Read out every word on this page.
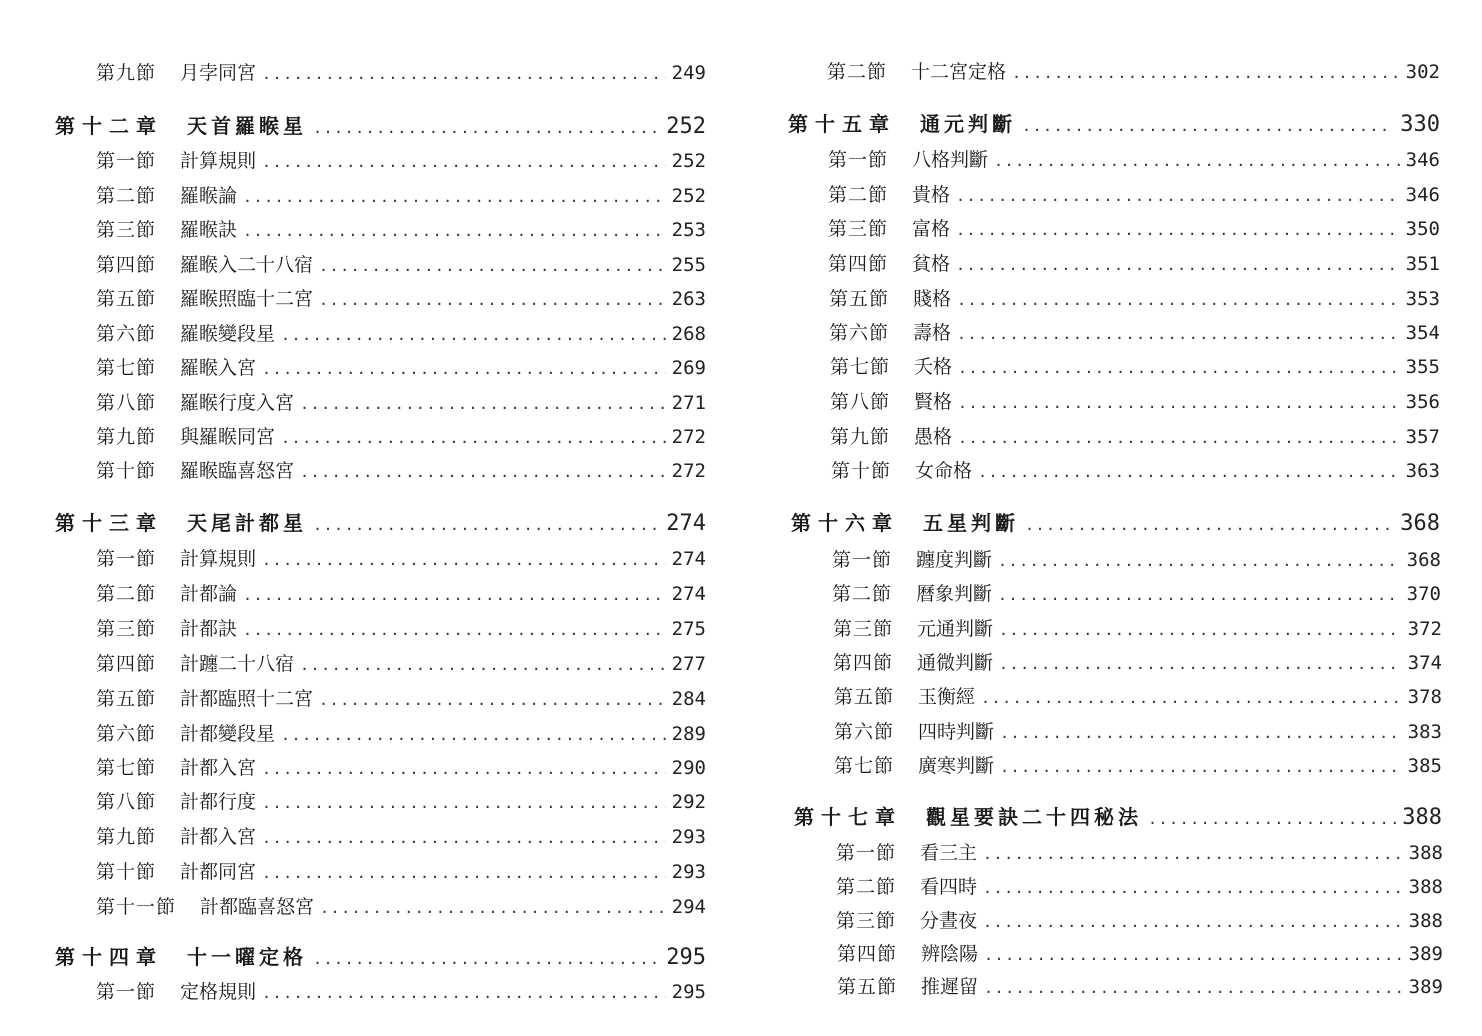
第九節 月孛同宮 .....	249
第十二章 天首羅睺星 .....	252
第一節 計算規則 .....	252
第二節 羅睺論 .....	252
第三節 羅睺訣 .....	253
第四節 羅睺入二十八宿 .....	255
第五節 羅睺照臨十二宮 .....	263
第六節 羅睺變段星 .....	268
第七節 羅睺入宮 .....	269
第八節 羅睺行度入宮 .....	271
第九節 與羅睺同宮 .....	272
第十節 羅睺臨喜怒宮 .....	272
第十三章 天尾計都星 .....	274
第一節 計算規則 .....	274
第二節 計都論 .....	274
第三節 計都訣 .....	275
第四節 計躔二十八宿 .....	277
第五節 計都臨照十二宮 .....	284
第六節 計都變段星 .....	289
第七節 計都入宮 .....	290
第八節 計都行度 .....	292
第九節 計都入宮 .....	293
第十節 計都同宮 .....	293
第十一節 計都臨喜怒宮 .....	294
第十四章 十一曜定格 .....	295
第一節 定格規則 .....	295
第二節 十二宮定格 .....	302
第十五章 通元判斷 .....	330
第一節 八格判斷 .....	346
第二節 貴格 .....	346
第三節 富格 .....	350
第四節 貧格 .....	351
第五節 賤格 .....	353
第六節 壽格 .....	354
第七節 夭格 .....	355
第八節 賢格 .....	356
第九節 愚格 .....	357
第十節 女命格 .....	363
第十六章 五星判斷 .....	368
第一節 躔度判斷 .....	368
第二節 曆象判斷 .....	370
第三節 元通判斷 .....	372
第四節 通微判斷 .....	374
第五節 玉衡經 .....	378
第六節 四時判斷 .....	383
第七節 廣寒判斷 .....	385
第十七章 觀星要訣二十四秘法 .....	388
第一節 看三主 .....	388
第二節 看四時 .....	388
第三節 分晝夜 .....	388
第四節 辨陰陽 .....	389
第五節 推遲留 .....	389
